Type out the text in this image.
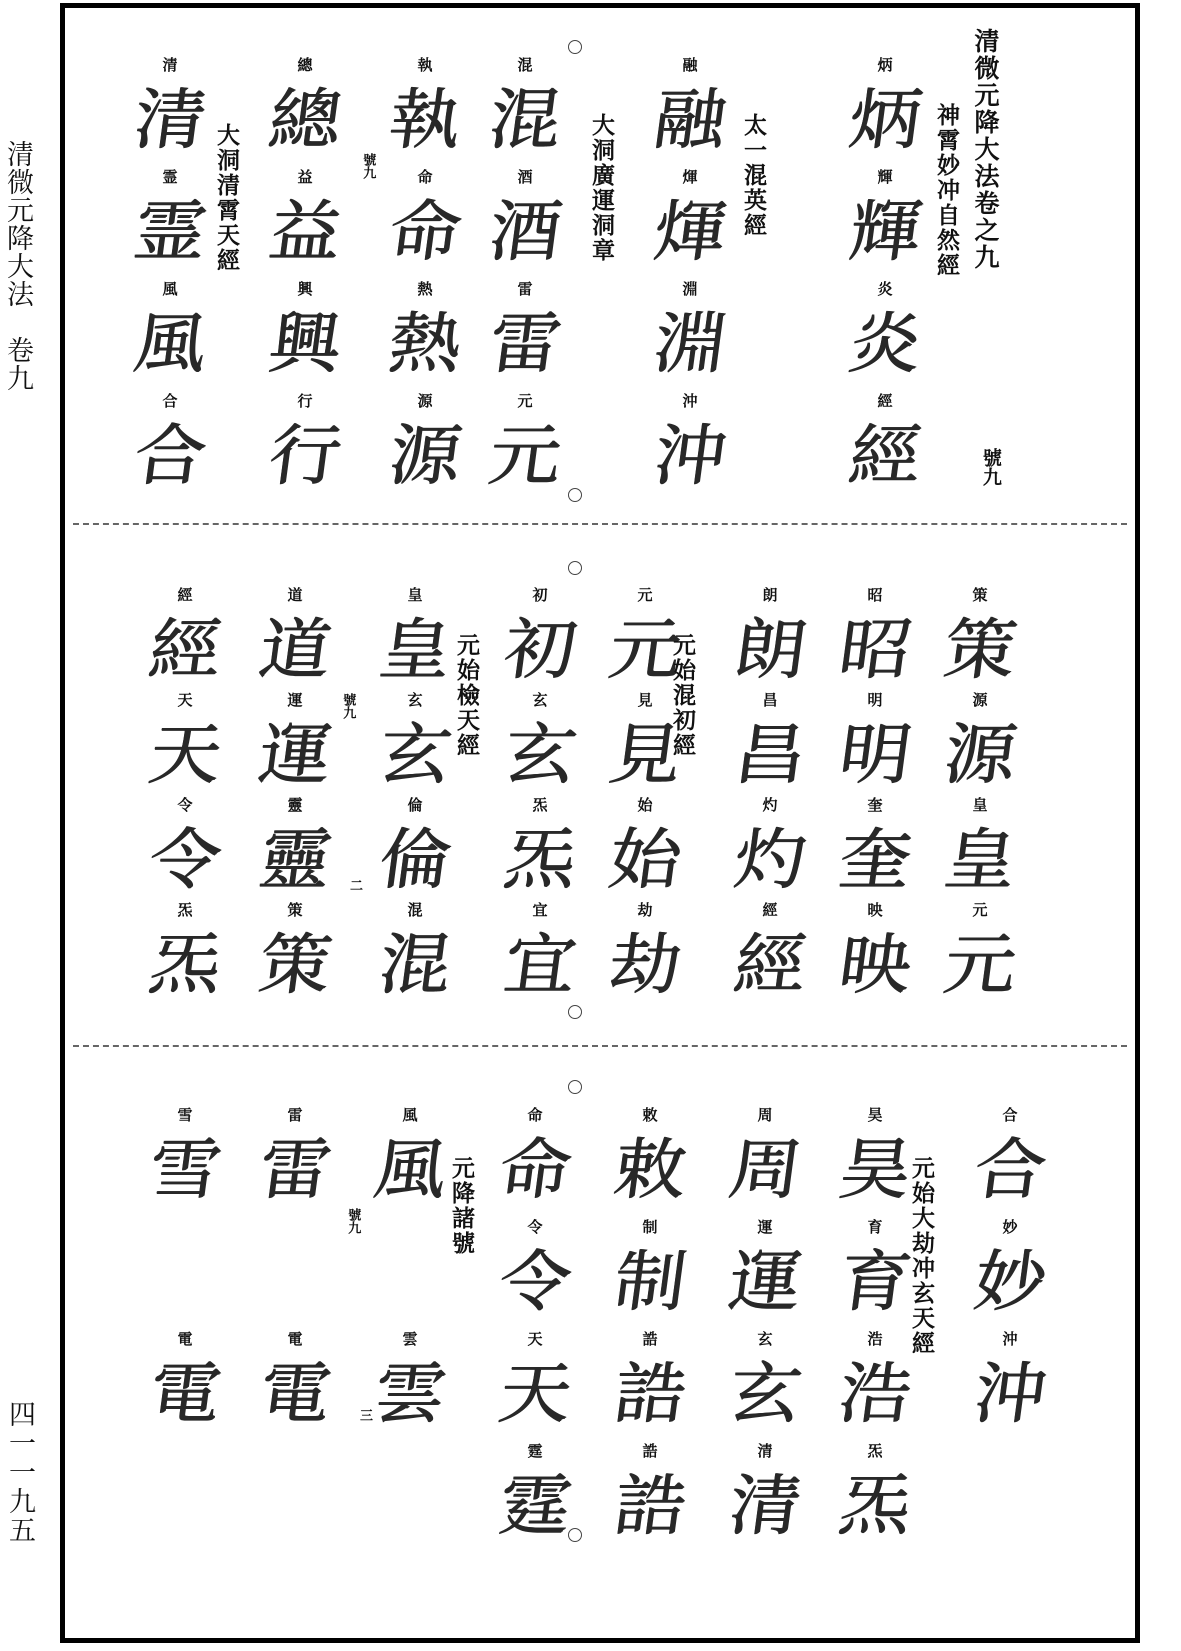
清微元降大法　卷九
四一一九五
清微元降大法卷之九
神霄妙冲自然經
太一混英經
大洞廣運洞章
大洞清霄天經
號九
號九
炳
炳
輝
輝
炎
炎
經
經
融
融
煇
煇
淵
淵
沖
沖
混
混
酒
酒
雷
雷
元
元
執
執
命
命
熱
熱
源
源
總
總
益
益
興
興
行
行
清
清
霊
霊
風
風
合
合
元始混初經
元始檢天經
號九
二
策
策
源
源
皇
皇
元
元
昭
昭
明
明
奎
奎
映
映
朗
朗
昌
昌
灼
灼
經
經
元
元
見
見
始
始
劫
劫
初
初
玄
玄
炁
炁
宜
宜
皇
皇
玄
玄
倫
倫
混
混
道
道
運
運
靈
靈
策
策
經
經
天
天
令
令
炁
炁
元始大劫冲玄天經
元降諸號
號九
三
合
合
妙
妙
沖
沖
昊
昊
育
育
浩
浩
炁
炁
周
周
運
運
玄
玄
清
清
敕
敕
制
制
誥
誥
誥
誥
命
命
令
令
天
天
霆
霆
風
風
雲
雲
雷
雷
電
電
雪
雪
電
電
